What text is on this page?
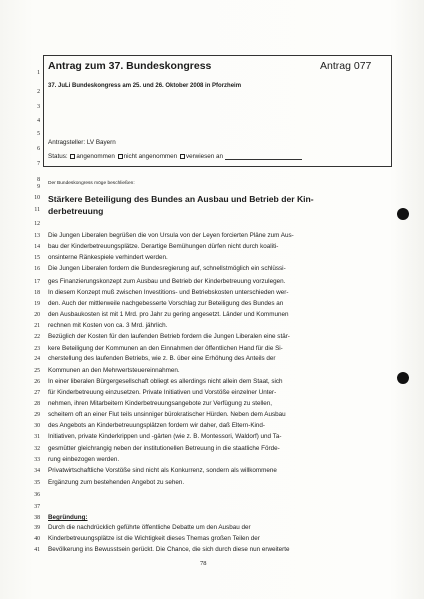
Antrag zum 37. Bundeskongress	Antrag 077
37. JuLi Bundeskongress am 25. und 26. Oktober 2008 in Pforzheim
Antragsteller: LV Bayern
Status: angenommen nicht angenommen verwiesen an
Der Bundeskongress möge beschließen:
Stärkere Beteiligung des Bundes an Ausbau und Betrieb der Kin-
derbetreuung
1
2
3
4
5
6
7
8
9
10
11
12
13
14
15
16
17
18
19
20
21
22
23
24
25
26
27
28
29
30
31
32
33
34
35
36
37
38
39
40
41
Die Jungen Liberalen begrüßen die von Ursula von der Leyen forcierten Pläne zum Aus-
bau der Kinderbetreuungsplätze. Derartige Bemühungen dürfen nicht durch koaliti-
onsinterne Ränkespiele verhindert werden.
Die Jungen Liberalen fordern die Bundesregierung auf, schnellstmöglich ein schlüssi-
ges Finanzierungskonzept zum Ausbau und Betrieb der Kinderbetreuung vorzulegen.
In diesem Konzept muß zwischen Investitions- und Betriebskosten unterschieden wer-
den. Auch der mittlerweile nachgebesserte Vorschlag zur Beteiligung des Bundes an
den Ausbaukosten ist mit 1 Mrd. pro Jahr zu gering angesetzt. Länder und Kommunen
rechnen mit Kosten von ca. 3 Mrd. jährlich.
Bezüglich der Kosten für den laufenden Betrieb fordern die Jungen Liberalen eine stär-
kere Beteiligung der Kommunen an den Einnahmen der öffentlichen Hand für die Si-
cherstellung des laufenden Betriebs, wie z. B. über eine Erhöhung des Anteils der
Kommunen an den Mehrwertsteuereinnahmen.
In einer liberalen Bürgergesellschaft obliegt es allerdings nicht allein dem Staat, sich
für Kinderbetreuung einzusetzen. Private Initiativen und Vorstöße einzelner Unter-
nehmen, ihren Mitarbeitern Kinderbetreuungsangebote zur Verfügung zu stellen,
scheitern oft an einer Flut teils unsinniger bürokratischer Hürden. Neben dem Ausbau
des Angebots an Kinderbetreuungsplätzen fordern wir daher, daß Eltern-Kind-
Initiativen, private Kinderkrippen und -gärten (wie z. B. Montessori, Waldorf) und Ta-
gesmütter gleichrangig neben der institutionellen Betreuung in die staatliche Förde-
rung einbezogen werden.
Privatwirtschaftliche Vorstöße sind nicht als Konkurrenz, sondern als willkommene
Ergänzung zum bestehenden Angebot zu sehen.
Begründung:
Durch die nachdrücklich geführte öffentliche Debatte um den Ausbau der
Kinderbetreuungsplätze ist die Wichtigkeit dieses Themas großen Teilen der
Bevölkerung ins Bewusstsein gerückt. Die Chance, die sich durch diese nun erweiterte
78
